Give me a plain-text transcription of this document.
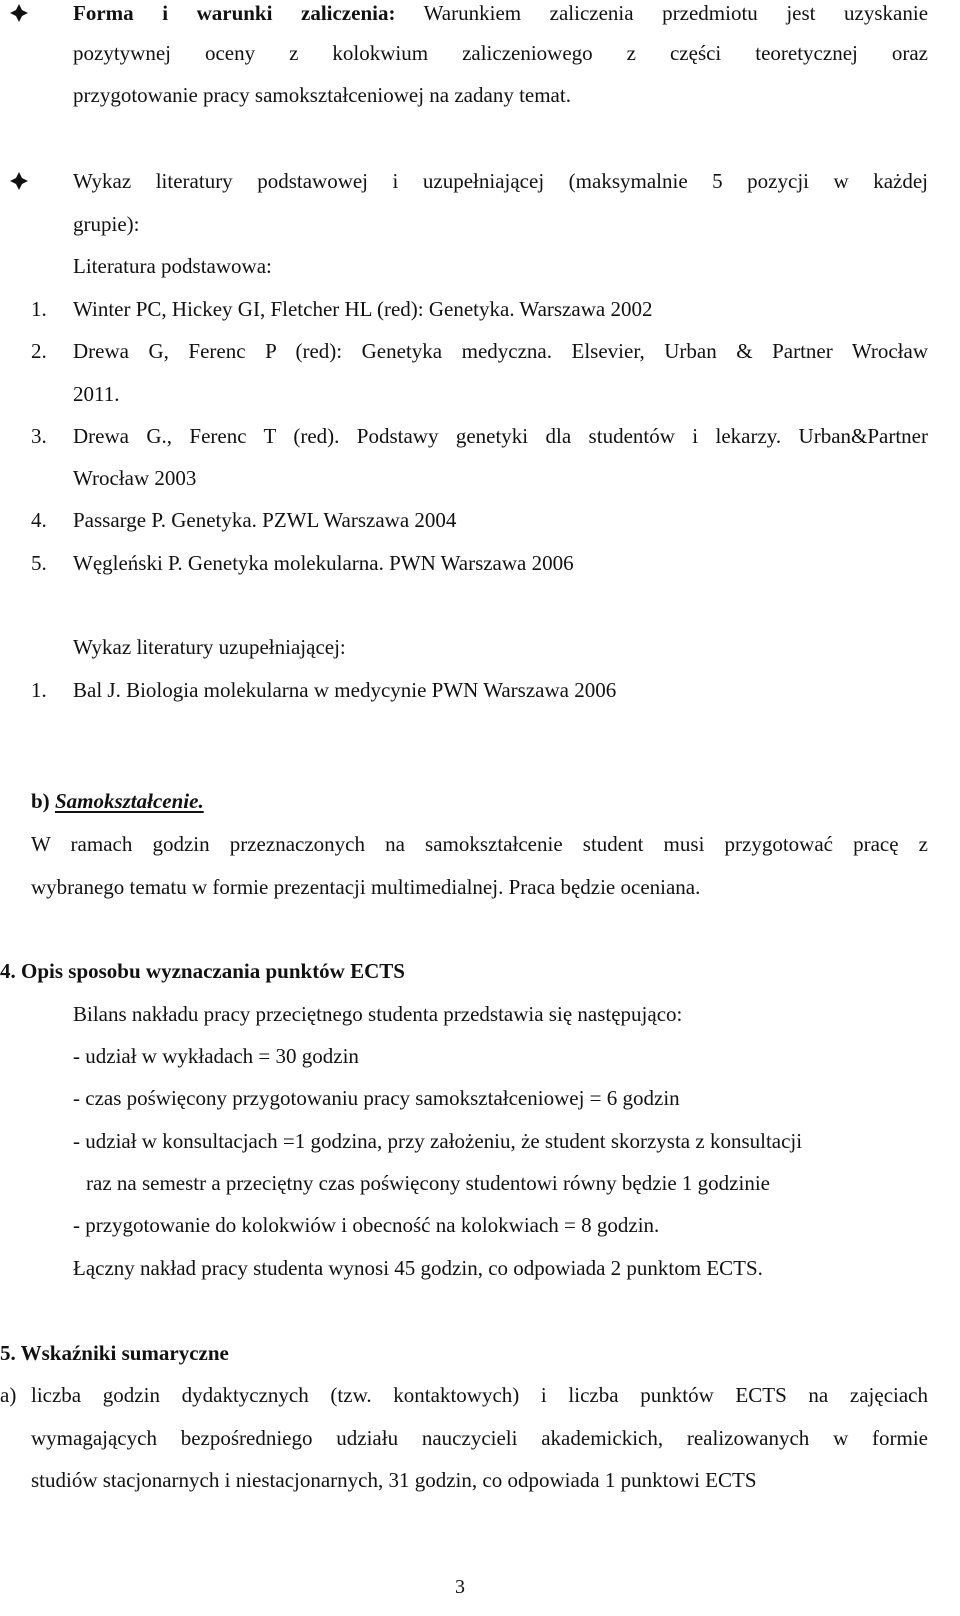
Forma i warunki zaliczenia: Warunkiem zaliczenia przedmiotu jest uzyskanie
pozytywnej oceny z kolokwium zaliczeniowego z części teoretycznej oraz
przygotowanie pracy samokształceniowej na zadany temat.
Wykaz literatury podstawowej i uzupełniającej (maksymalnie 5 pozycji w każdej
grupie):
Literatura podstawowa:
1. Winter PC, Hickey GI, Fletcher HL (red): Genetyka. Warszawa 2002
2. Drewa G, Ferenc P (red): Genetyka medyczna. Elsevier, Urban & Partner Wrocław
2011.
3. Drewa G., Ferenc T (red). Podstawy genetyki dla studentów i lekarzy. Urban&Partner
Wrocław 2003
4. Passarge P. Genetyka. PZWL Warszawa 2004
5. Węgleński P. Genetyka molekularna. PWN Warszawa 2006
Wykaz literatury uzupełniającej:
1. Bal J. Biologia molekularna w medycynie PWN Warszawa 2006
b) Samokształcenie.
W ramach godzin przeznaczonych na samokształcenie student musi przygotować pracę z
wybranego tematu w formie prezentacji multimedialnej. Praca będzie oceniana.
4. Opis sposobu wyznaczania punktów ECTS
Bilans nakładu pracy przeciętnego studenta przedstawia się następująco:
- udział w wykładach = 30 godzin
- czas poświęcony przygotowaniu pracy samokształceniowej = 6 godzin
- udział w konsultacjach =1 godzina, przy założeniu, że student skorzysta z konsultacji
raz na semestr a przeciętny czas poświęcony studentowi równy będzie 1 godzinie
- przygotowanie do kolokwiów i obecność na kolokwiach = 8 godzin.
Łączny nakład pracy studenta wynosi 45 godzin, co odpowiada 2 punktom ECTS.
5. Wskaźniki sumaryczne
a) liczba godzin dydaktycznych (tzw. kontaktowych) i liczba punktów ECTS na zajęciach
wymagających bezpośredniego udziału nauczycieli akademickich, realizowanych w formie
studiów stacjonarnych i niestacjonarnych, 31 godzin, co odpowiada 1 punktowi ECTS
3
